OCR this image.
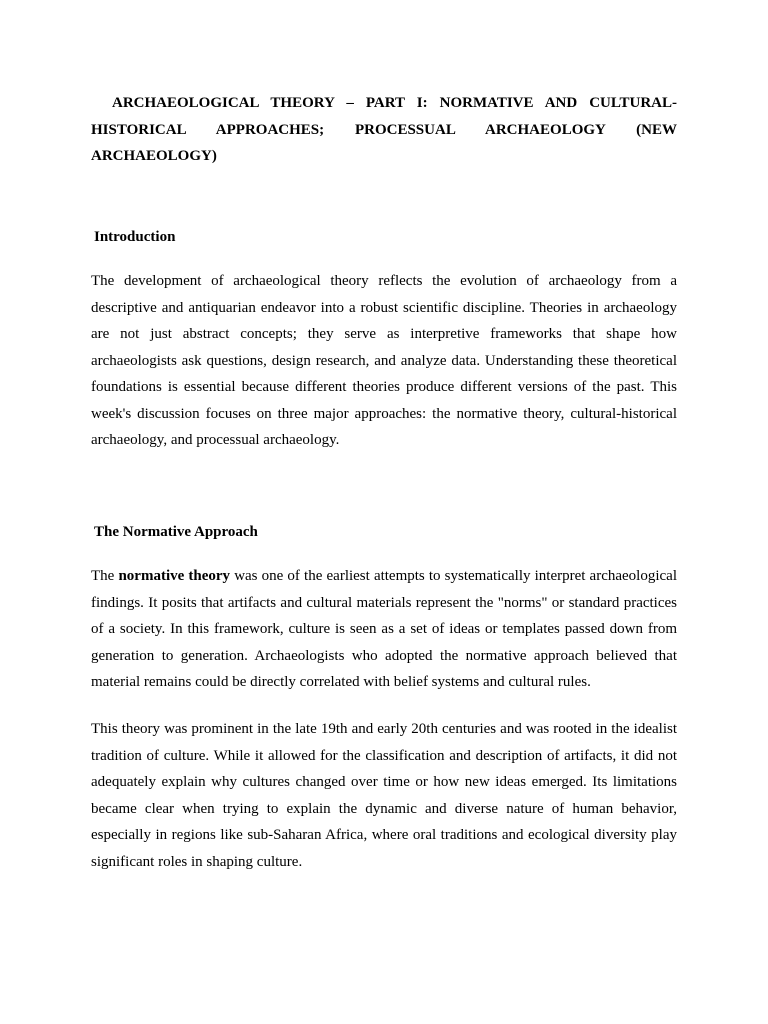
ARCHAEOLOGICAL THEORY – PART I: NORMATIVE AND CULTURAL-HISTORICAL APPROACHES; PROCESSUAL ARCHAEOLOGY (NEW ARCHAEOLOGY)
Introduction

The development of archaeological theory reflects the evolution of archaeology from a descriptive and antiquarian endeavor into a robust scientific discipline. Theories in archaeology are not just abstract concepts; they serve as interpretive frameworks that shape how archaeologists ask questions, design research, and analyze data. Understanding these theoretical foundations is essential because different theories produce different versions of the past. This week's discussion focuses on three major approaches: the normative theory, cultural-historical archaeology, and processual archaeology.

The Normative Approach

The normative theory was one of the earliest attempts to systematically interpret archaeological findings. It posits that artifacts and cultural materials represent the "norms" or standard practices of a society. In this framework, culture is seen as a set of ideas or templates passed down from generation to generation. Archaeologists who adopted the normative approach believed that material remains could be directly correlated with belief systems and cultural rules.

This theory was prominent in the late 19th and early 20th centuries and was rooted in the idealist tradition of culture. While it allowed for the classification and description of artifacts, it did not adequately explain why cultures changed over time or how new ideas emerged. Its limitations became clear when trying to explain the dynamic and diverse nature of human behavior, especially in regions like sub-Saharan Africa, where oral traditions and ecological diversity play significant roles in shaping culture.
